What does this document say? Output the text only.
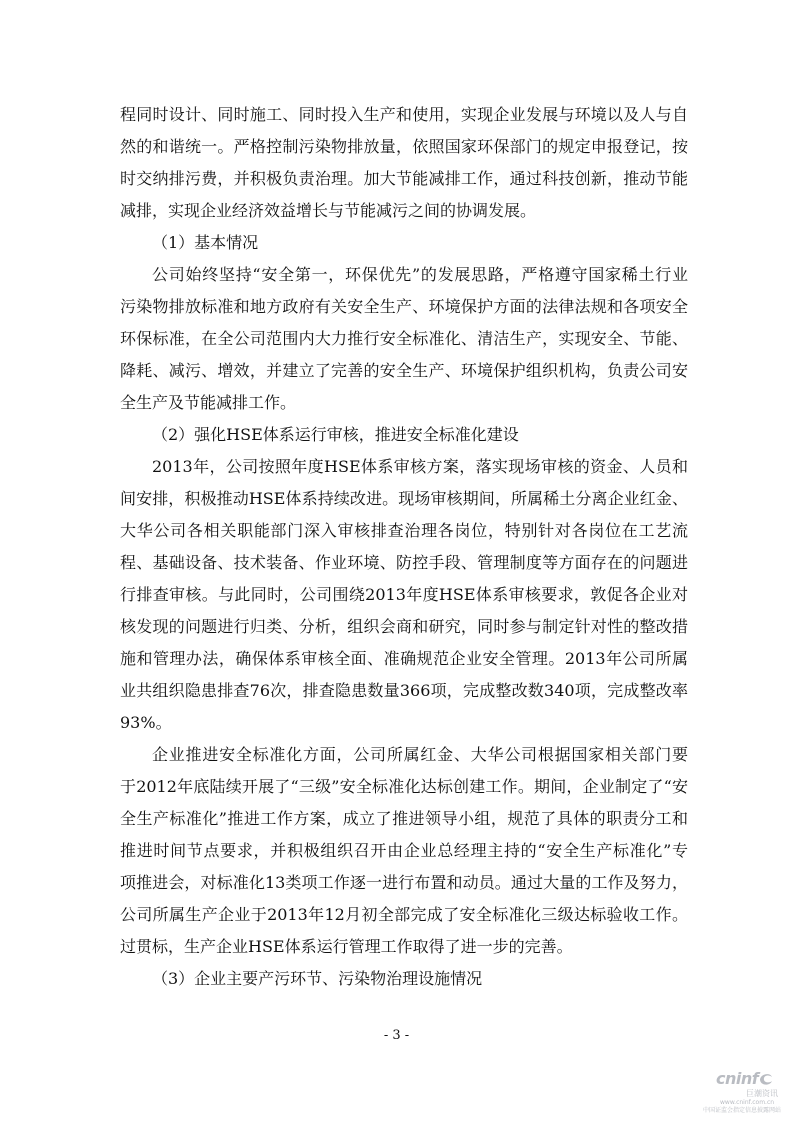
程同时设计、同时施工、同时投入生产和使用，实现企业发展与环境以及人与自
然的和谐统一。严格控制污染物排放量，依照国家环保部门的规定申报登记，按
时交纳排污费，并积极负责治理。加大节能减排工作，通过科技创新，推动节能
减排，实现企业经济效益增长与节能减污之间的协调发展。
（1）基本情况
公司始终坚持“安全第一，环保优先”的发展思路，严格遵守国家稀土行业
污染物排放标准和地方政府有关安全生产、环境保护方面的法律法规和各项安全
环保标准，在全公司范围内大力推行安全标准化、清洁生产，实现安全、节能、
降耗、减污、增效，并建立了完善的安全生产、环境保护组织机构，负责公司安
全生产及节能减排工作。
（2）强化HSE体系运行审核，推进安全标准化建设
2013年，公司按照年度HSE体系审核方案，落实现场审核的资金、人员和
间安排，积极推动HSE体系持续改进。现场审核期间，所属稀土分离企业红金、
大华公司各相关职能部门深入审核排查治理各岗位，特别针对各岗位在工艺流
程、基础设备、技术装备、作业环境、防控手段、管理制度等方面存在的问题进
行排查审核。与此同时，公司围绕2013年度HSE体系审核要求，敦促各企业对
核发现的问题进行归类、分析，组织会商和研究，同时参与制定针对性的整改措
施和管理办法，确保体系审核全面、准确规范企业安全管理。2013年公司所属
业共组织隐患排查76次，排查隐患数量366项，完成整改数340项，完成整改率
93%。
企业推进安全标准化方面，公司所属红金、大华公司根据国家相关部门要
于2012年底陆续开展了“三级”安全标准化达标创建工作。期间，企业制定了“安
全生产标准化”推进工作方案，成立了推进领导小组，规范了具体的职责分工和
推进时间节点要求，并积极组织召开由企业总经理主持的“安全生产标准化”专
项推进会，对标准化13类项工作逐一进行布置和动员。通过大量的工作及努力，
公司所属生产企业于2013年12月初全部完成了安全标准化三级达标验收工作。
过贯标，生产企业HSE体系运行管理工作取得了进一步的完善。
（3）企业主要产污环节、污染物治理设施情况
- 3 -
cninf
巨潮资讯
www.cninf.com.cn
中国证监会指定信息披露网站
